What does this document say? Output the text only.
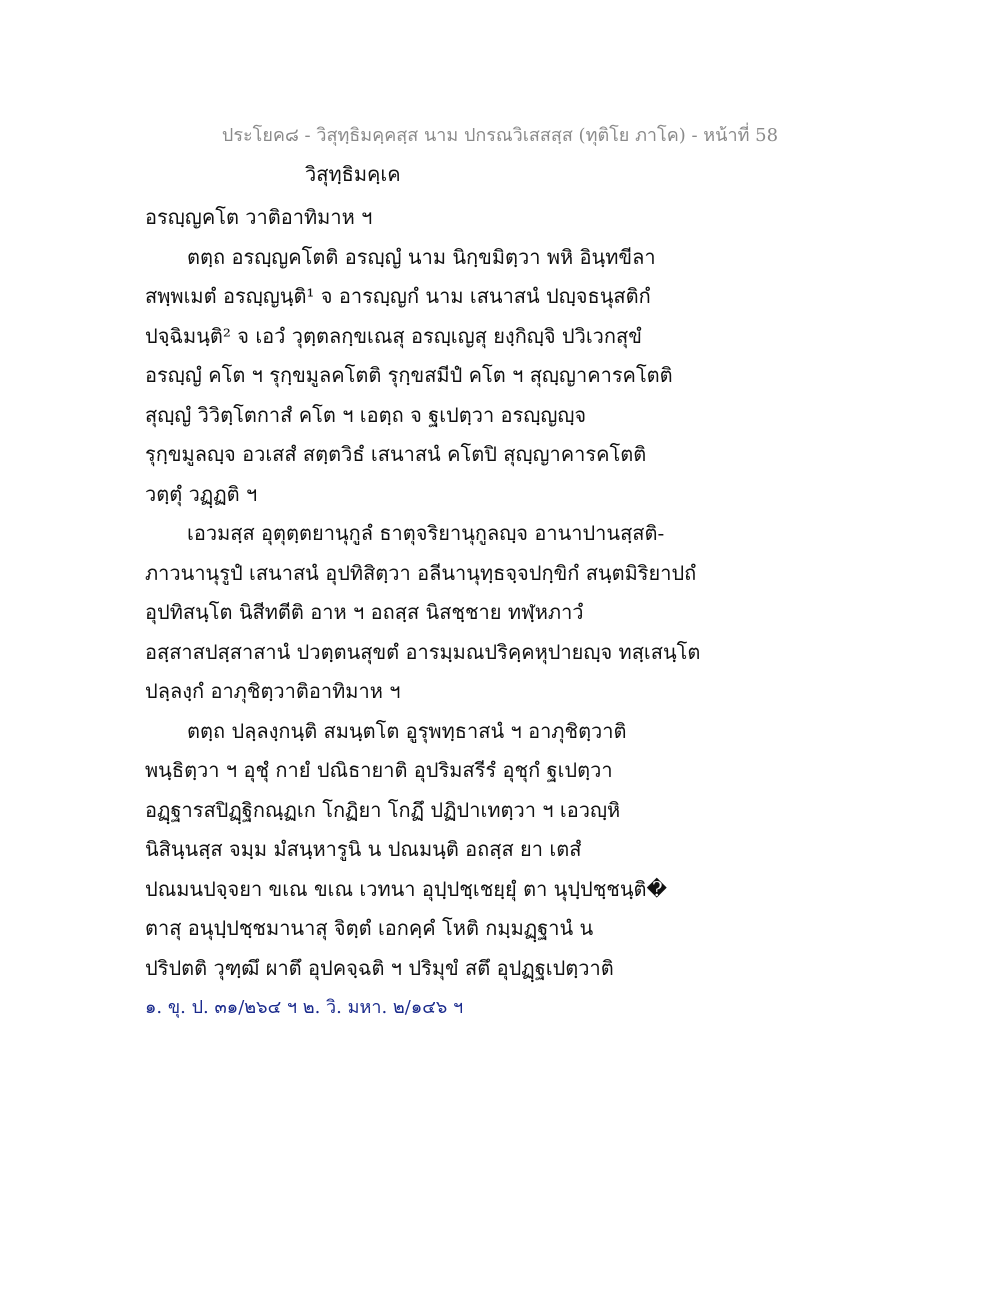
ประโยค๘ - วิสุทฺธิมคฺคสฺส นาม ปกรณวิเสสสฺส (ทุติโย ภาโค) - หน้าที่ 58
วิสุทฺธิมคฺเค
อรญฺญคโต วาติอาทิมาห ฯ
ตตฺถ อรญฺญคโตติ อรญฺญํ นาม นิกฺขมิตฺวา พหิ อินฺทขีลา
สพฺพเมตํ อรญฺญนฺติ¹ จ อารญฺญกํ นาม เสนาสนํ ปญฺจธนุสติกํ
ปจฺฉิมนฺติ² จ เอวํ วุตฺตลกฺขเณสุ อรญฺเญสุ ยงฺกิญฺจิ ปวิเวกสุขํ
อรญฺญํ คโต ฯ รุกฺขมูลคโตติ รุกฺขสมีปํ คโต ฯ สุญฺญาคารคโตติ
สุญฺญํ วิวิตฺโตกาสํ คโต ฯ เอตฺถ จ ฐเปตฺวา อรญฺญญฺจ
รุกฺขมูลญฺจ อวเสสํ สตฺตวิธํ เสนาสนํ คโตปิ สุญฺญาคารคโตติ
วตฺตุํ วฏฺฏติ ฯ
เอวมสฺส อุตุตฺตยานุกูลํ ธาตุจริยานุกูลญฺจ อานาปานสฺสติ-
ภาวนานุรูปํ เสนาสนํ อุปทิสิตฺวา อลีนานุทฺธจฺจปกฺขิกํ สนฺตมิริยาปถํ
อุปทิสนฺโต นิสีทตีติ อาห ฯ อถสฺส นิสชฺชาย ทฬฺหภาวํ
อสฺสาสปสฺสาสานํ ปวตฺตนสุขตํ อารมฺมณปริคฺคหุปายญฺจ ทสฺเสนฺโต
ปลฺลงฺกํ อาภุชิตฺวาติอาทิมาห ฯ
ตตฺถ ปลฺลงฺกนฺติ สมนฺตโต อูรุพทฺธาสนํ ฯ อาภุชิตฺวาติ
พนฺธิตฺวา ฯ อุชุํ กายํ ปณิธายาติ อุปริมสรีรํ อุชุกํ ฐเปตฺวา
อฏฺฐารสปิฏฺฐิกณฺฏเก โกฏิยา โกฏึ ปฏิปาเทตฺวา ฯ เอวญฺหิ
นิสินฺนสฺส จมฺม มํสนฺหารูนิ น ปณมนฺติ อถสฺส ยา เตสํ
ปณมนปจฺจยา ขเณ ขเณ เวทนา อุปฺปชฺเชยฺยุํ ตา นุปฺปชฺชนฺติ�
ตาสุ อนุปฺปชฺชมานาสุ จิตฺตํ เอกคฺคํ โหติ กมฺมฏฺฐานํ น
ปริปตติ วุฑฺฒึ ผาตึ อุปคจฺฉติ ฯ ปริมุขํ สตึ อุปฏฺฐเปตฺวาติ
๑. ขุ. ป. ๓๑/๒๖๔ ฯ ๒. วิ. มหา. ๒/๑๔๖ ฯ
